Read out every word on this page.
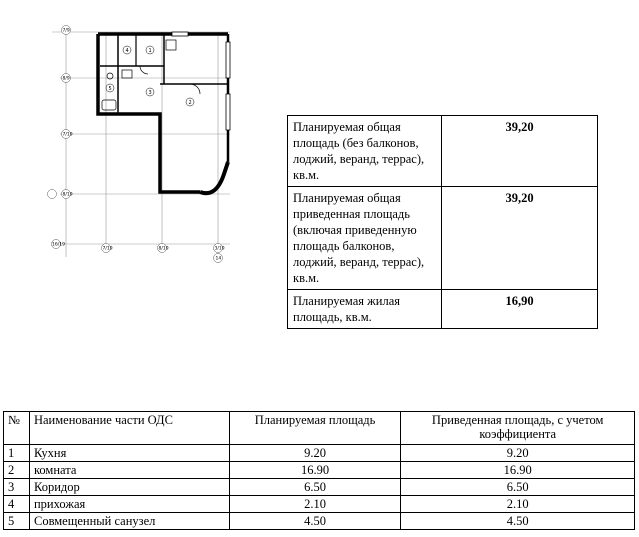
7/9
8/9
7/19
8/19
16/19
7/19	8/19	3/19
14
1
2
3
4
5
Планируемая общая площадь (без балконов, лоджий, веранд, террас), кв.м.	39,20
Планируемая общая приведенная площадь (включая приведенную площадь балконов, лоджий, веранд, террас), кв.м.	39,20
Планируемая жилая площадь, кв.м.	16,90
№	Наименование части ОДС	Планируемая площадь	Приведенная площадь, с учетом коэффициента
1	Кухня	9.20	9.20
2	комната	16.90	16.90
3	Коридор	6.50	6.50
4	прихожая	2.10	2.10
5	Совмещенный санузел	4.50	4.50
